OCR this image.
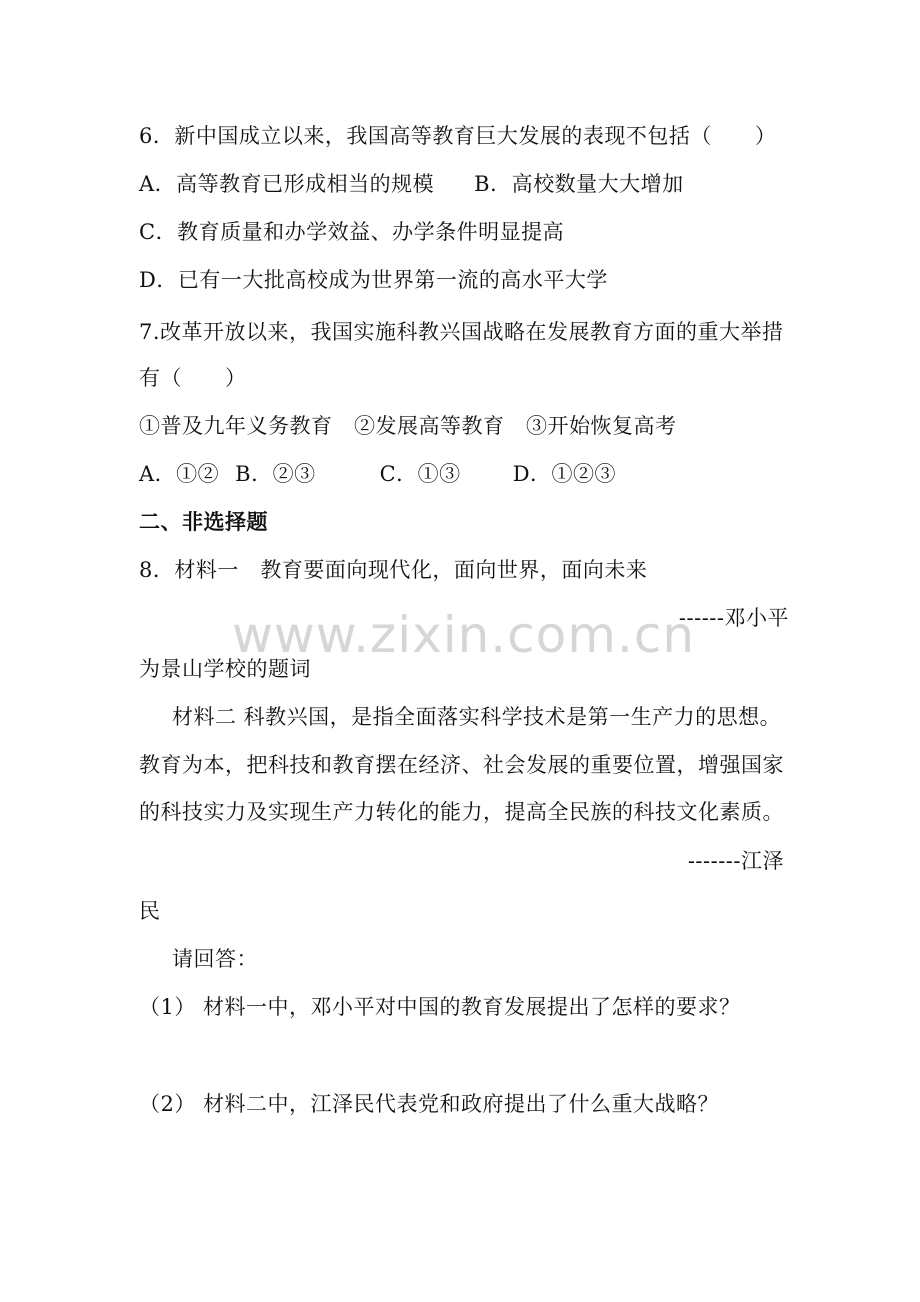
6．新中国成立以来，我国高等教育巨大发展的表现不包括（　　）
A．高等教育已形成相当的规模 B．高校数量大大增加
C．教育质量和办学效益、办学条件明显提高
D．已有一大批高校成为世界第一流的高水平大学
7.改革开放以来，我国实施科教兴国战略在发展教育方面的重大举措
有（　　）
①普及九年义务教育　②发展高等教育　③开始恢复高考
A．①② B．②③	C．①③ D．①②③
二、非选择题
8．材料一　教育要面向现代化，面向世界，面向未来
------邓小平
为景山学校的题词
材料二 科教兴国，是指全面落实科学技术是第一生产力的思想。
教育为本，把科技和教育摆在经济、社会发展的重要位置，增强国家
的科技实力及实现生产力转化的能力，提高全民族的科技文化素质。
-------江泽
民
请回答：
（1） 材料一中，邓小平对中国的教育发展提出了怎样的要求？
（2） 材料二中，江泽民代表党和政府提出了什么重大战略？
www.zixin.com.cn
